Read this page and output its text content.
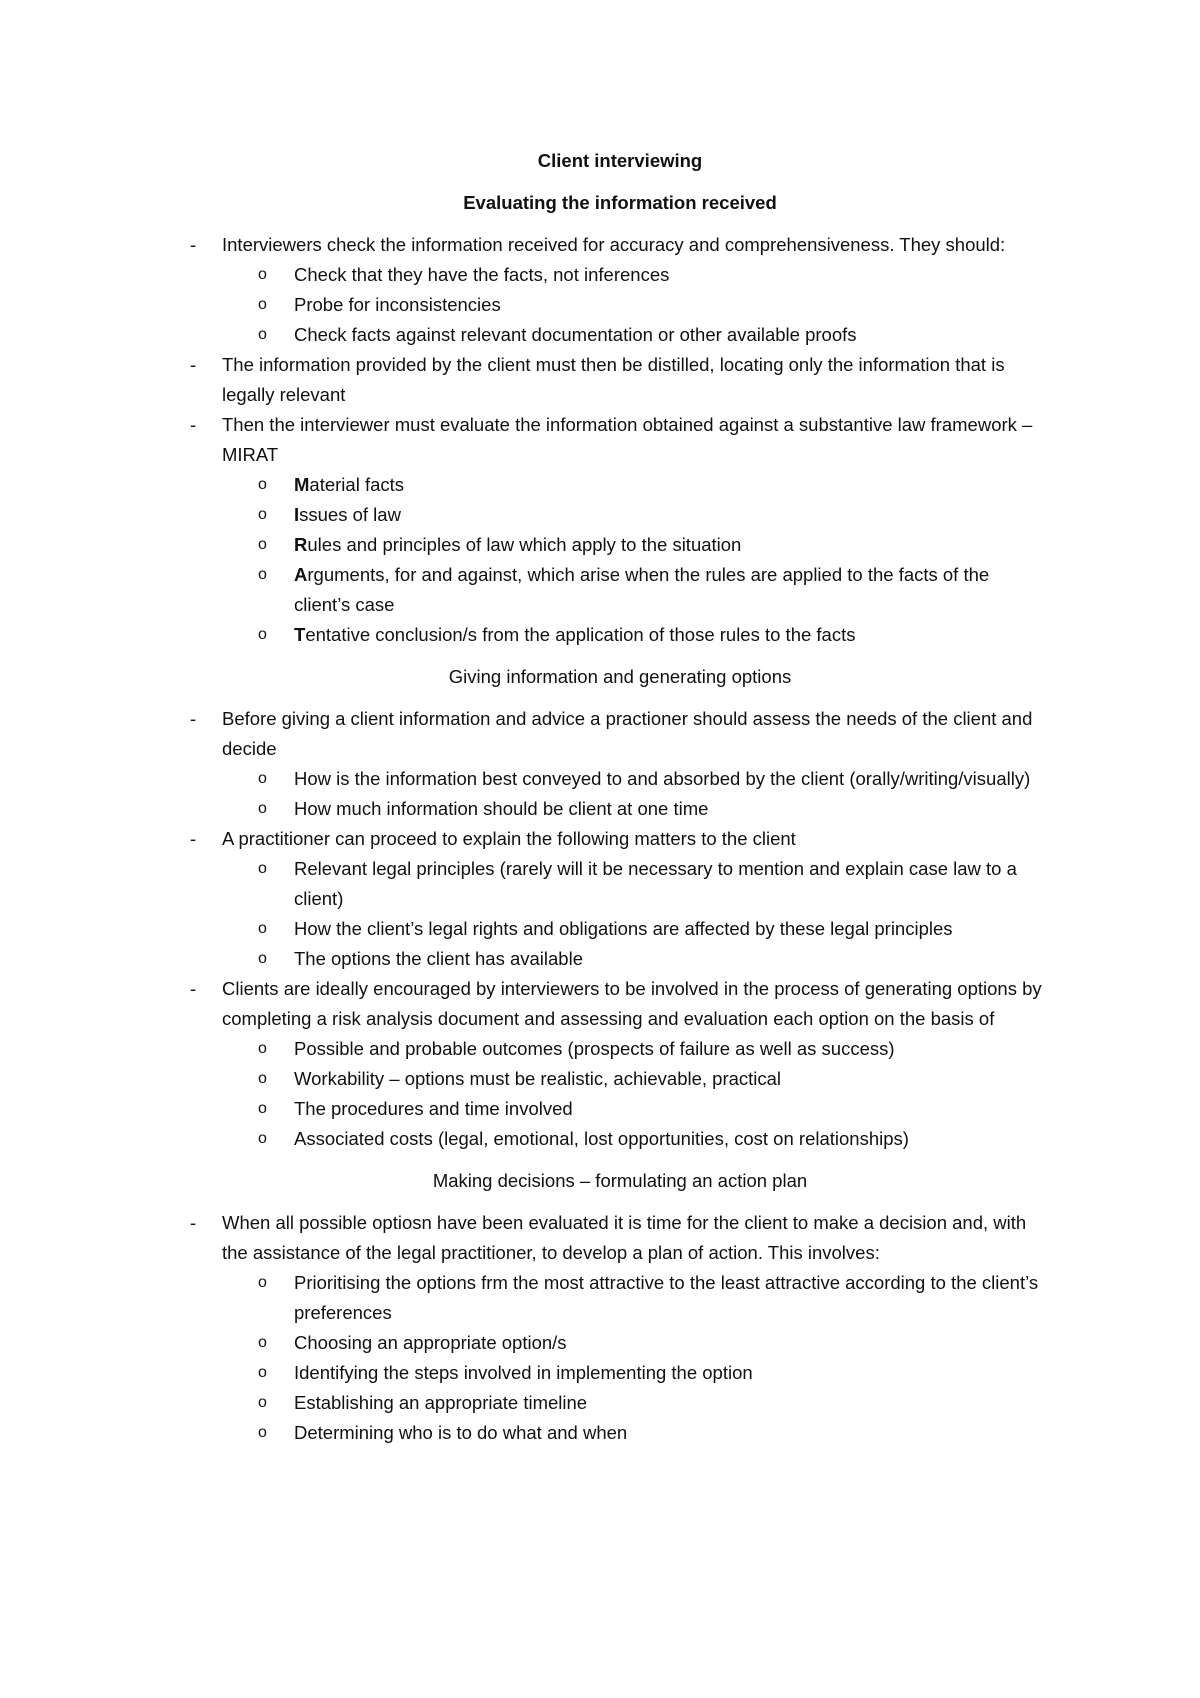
Client interviewing
Evaluating the information received
- Interviewers check the information received for accuracy and comprehensiveness. They should:
o Check that they have the facts, not inferences
o Probe for inconsistencies
o Check facts against relevant documentation or other available proofs
- The information provided by the client must then be distilled, locating only the information that is legally relevant
- Then the interviewer must evaluate the information obtained against a substantive law framework – MIRAT
o Material facts
o Issues of law
o Rules and principles of law which apply to the situation
o Arguments, for and against, which arise when the rules are applied to the facts of the client’s case
o Tentative conclusion/s from the application of those rules to the facts
Giving information and generating options
- Before giving a client information and advice a practioner should assess the needs of the client and decide
o How is the information best conveyed to and absorbed by the client (orally/writing/visually)
o How much information should be client at one time
- A practitioner can proceed to explain the following matters to the client
o Relevant legal principles (rarely will it be necessary to mention and explain case law to a client)
o How the client’s legal rights and obligations are affected by these legal principles
o The options the client has available
- Clients are ideally encouraged by interviewers to be involved in the process of generating options by completing a risk analysis document and assessing and evaluation each option on the basis of
o Possible and probable outcomes (prospects of failure as well as success)
o Workability – options must be realistic, achievable, practical
o The procedures and time involved
o Associated costs (legal, emotional, lost opportunities, cost on relationships)
Making decisions – formulating an action plan
- When all possible optiosn have been evaluated it is time for the client to make a decision and, with the assistance of the legal practitioner, to develop a plan of action. This involves:
o Prioritising the options frm the most attractive to the least attractive according to the client’s preferences
o Choosing an appropriate option/s
o Identifying the steps involved in implementing the option
o Establishing an appropriate timeline
o Determining who is to do what and when
